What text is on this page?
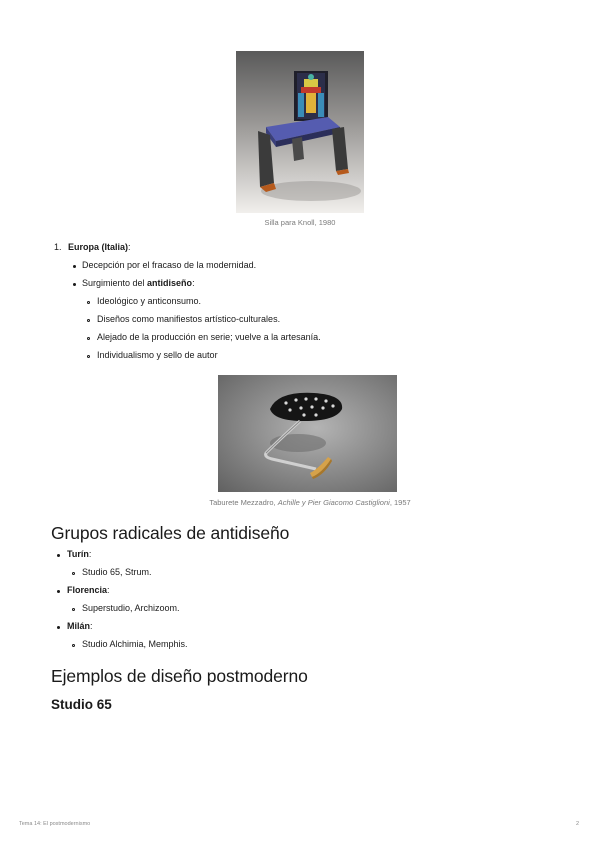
Silla para Knoll, 1980
1. Europa (Italia):
Decepción por el fracaso de la modernidad.
Surgimiento del antidiseño:
Ideológico y anticonsumo.
Diseños como manifiestos artístico-culturales.
Alejado de la producción en serie; vuelve a la artesanía.
Individualismo y sello de autor
Taburete Mezzadro, Achille y Pier Giacomo Castiglioni, 1957
Grupos radicales de antidiseño
Turín:
Studio 65, Strum.
Florencia:
Superstudio, Archizoom.
Milán:
Studio Alchimia, Memphis.
Ejemplos de diseño postmoderno
Studio 65
Tema 14: El postmodernismo	2
